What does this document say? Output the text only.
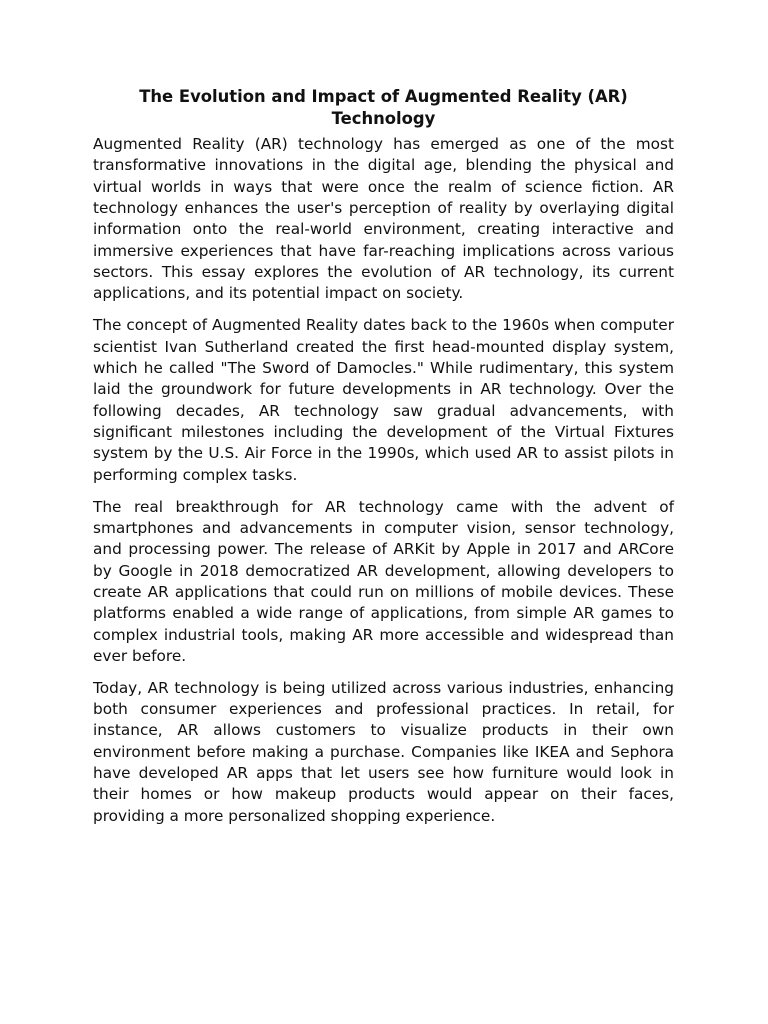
The Evolution and Impact of Augmented Reality (AR) Technology

Augmented Reality (AR) technology has emerged as one of the most transformative innovations in the digital age, blending the physical and virtual worlds in ways that were once the realm of science fiction. AR technology enhances the user's perception of reality by overlaying digital information onto the real-world environment, creating interactive and immersive experiences that have far-reaching implications across various sectors. This essay explores the evolution of AR technology, its current applications, and its potential impact on society.

The concept of Augmented Reality dates back to the 1960s when computer scientist Ivan Sutherland created the first head-mounted display system, which he called "The Sword of Damocles." While rudimentary, this system laid the groundwork for future developments in AR technology. Over the following decades, AR technology saw gradual advancements, with significant milestones including the development of the Virtual Fixtures system by the U.S. Air Force in the 1990s, which used AR to assist pilots in performing complex tasks.

The real breakthrough for AR technology came with the advent of smartphones and advancements in computer vision, sensor technology, and processing power. The release of ARKit by Apple in 2017 and ARCore by Google in 2018 democratized AR development, allowing developers to create AR applications that could run on millions of mobile devices. These platforms enabled a wide range of applications, from simple AR games to complex industrial tools, making AR more accessible and widespread than ever before.

Today, AR technology is being utilized across various industries, enhancing both consumer experiences and professional practices. In retail, for instance, AR allows customers to visualize products in their own environment before making a purchase. Companies like IKEA and Sephora have developed AR apps that let users see how furniture would look in their homes or how makeup products would appear on their faces, providing a more personalized shopping experience.
